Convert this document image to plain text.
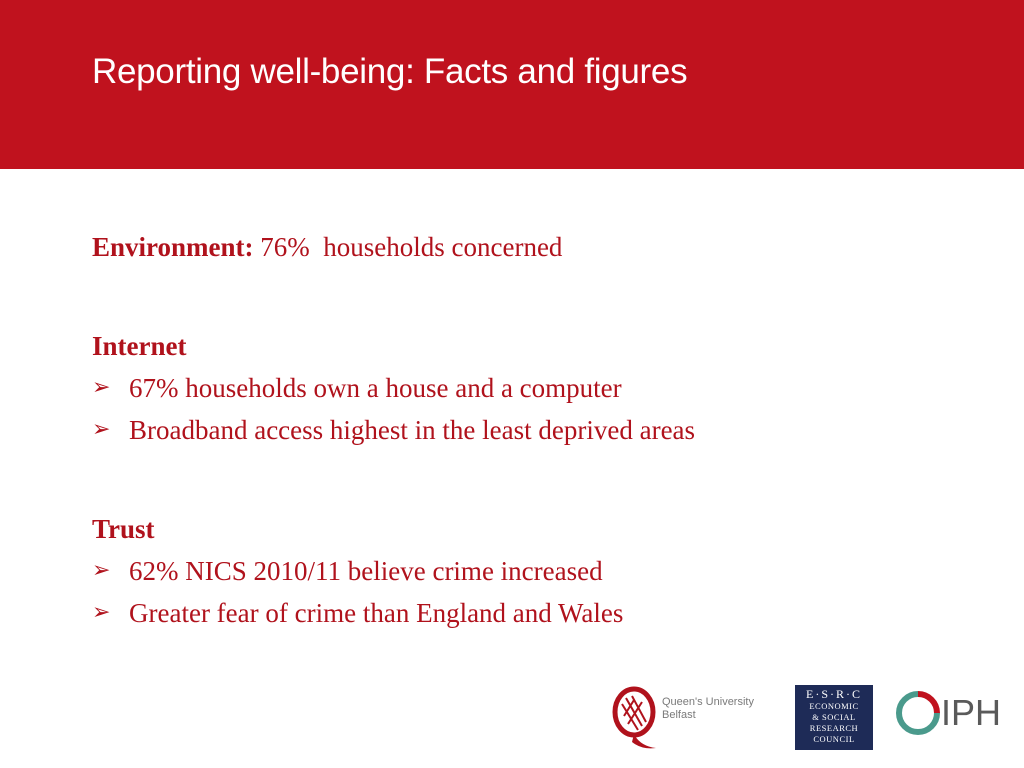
Reporting well-being: Facts and figures
Environment: 76%  households concerned
Internet
➢ 67% households own a house and a computer
➢ Broadband access highest in the least deprived areas
Trust
➢ 62% NICS 2010/11 believe crime increased
➢ Greater fear of crime than England and Wales
Queen's University
Belfast
E·S·R·C
ECONOMIC
& SOCIAL
RESEARCH
COUNCIL
IPH
